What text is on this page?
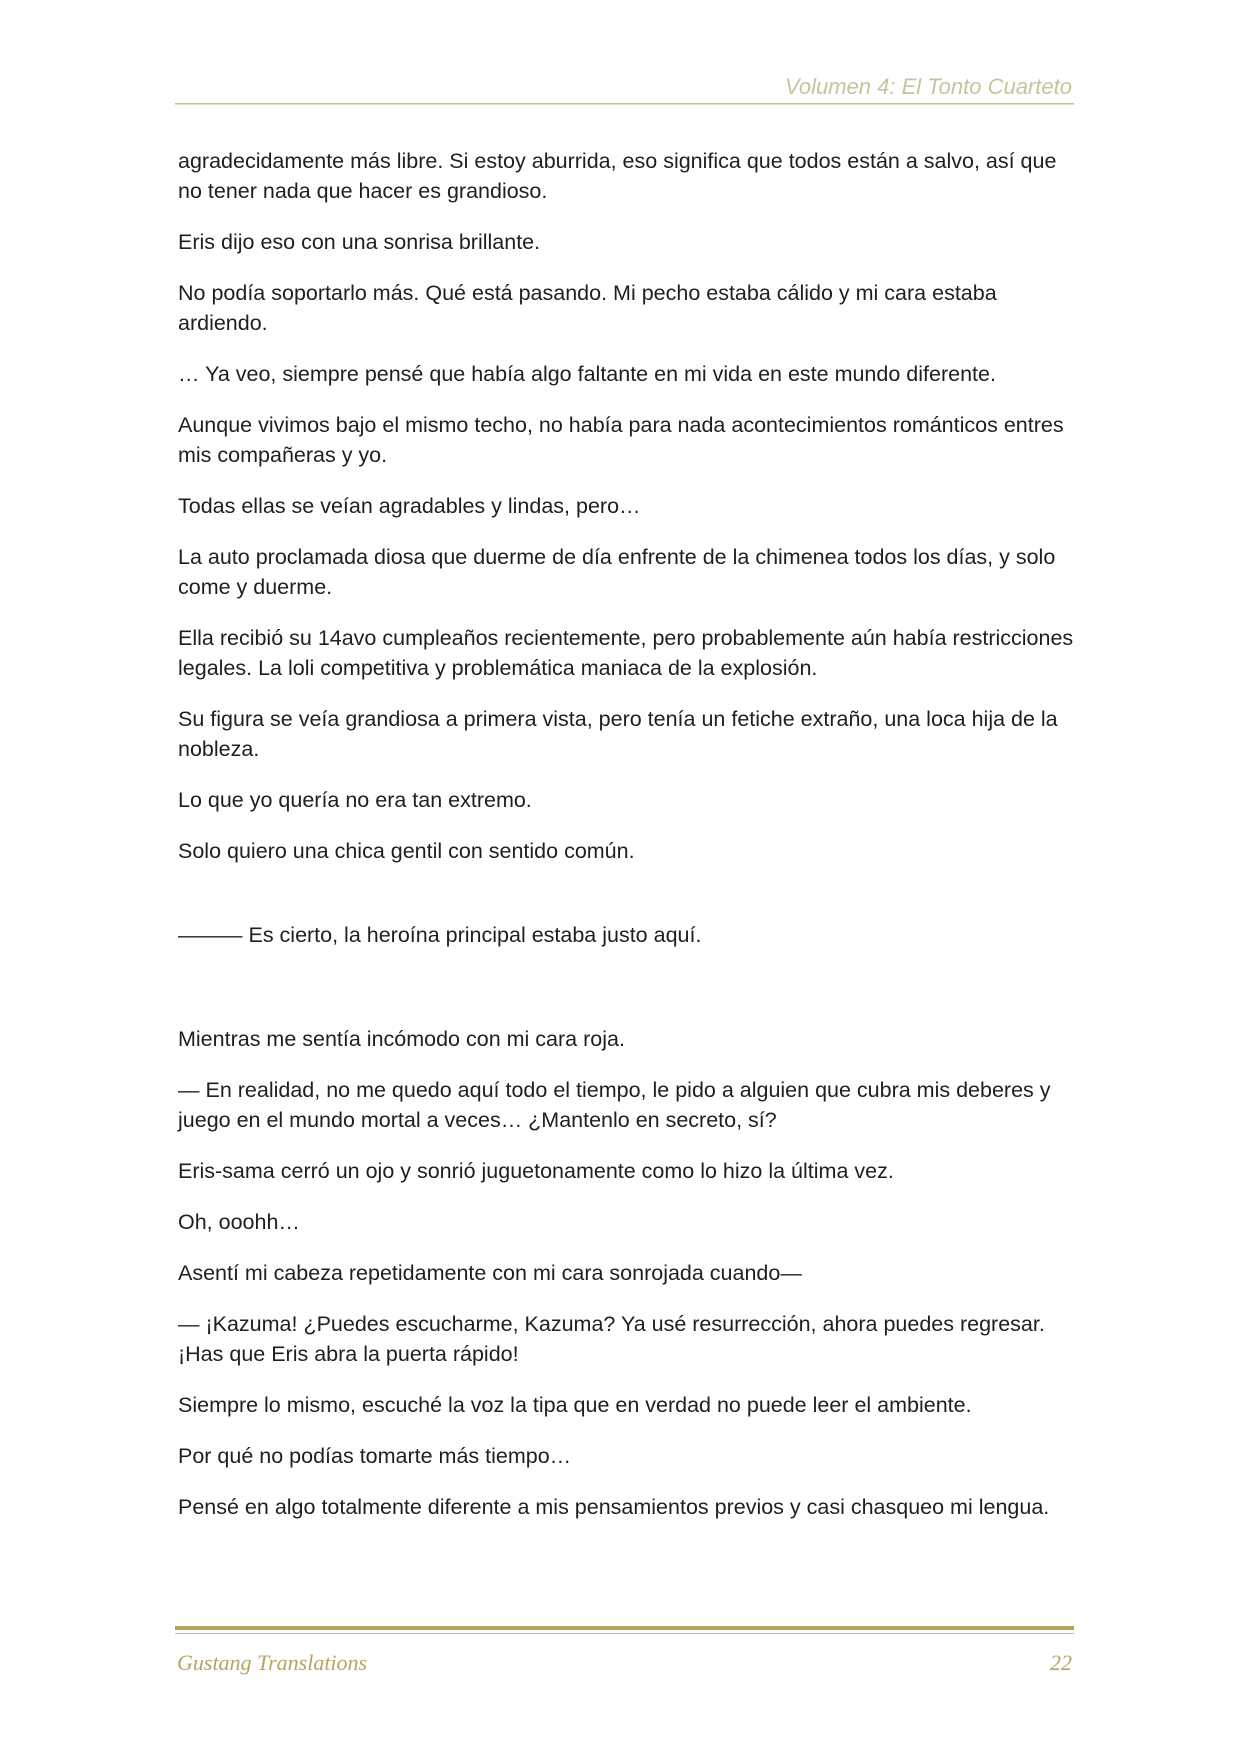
Volumen 4: El Tonto Cuarteto

agradecidamente más libre. Si estoy aburrida, eso significa que todos están a salvo, así que no tener nada que hacer es grandioso.

Eris dijo eso con una sonrisa brillante.

No podía soportarlo más. Qué está pasando. Mi pecho estaba cálido y mi cara estaba ardiendo.

… Ya veo, siempre pensé que había algo faltante en mi vida en este mundo diferente.

Aunque vivimos bajo el mismo techo, no había para nada acontecimientos románticos entres mis compañeras y yo.

Todas ellas se veían agradables y lindas, pero…

La auto proclamada diosa que duerme de día enfrente de la chimenea todos los días, y solo come y duerme.

Ella recibió su 14avo cumpleaños recientemente, pero probablemente aún había restricciones legales. La loli competitiva y problemática maniaca de la explosión.

Su figura se veía grandiosa a primera vista, pero tenía un fetiche extraño, una loca hija de la nobleza.

Lo que yo quería no era tan extremo.

Solo quiero una chica gentil con sentido común.

——— Es cierto, la heroína principal estaba justo aquí.

Mientras me sentía incómodo con mi cara roja.

— En realidad, no me quedo aquí todo el tiempo, le pido a alguien que cubra mis deberes y juego en el mundo mortal a veces… ¿Mantenlo en secreto, sí?

Eris-sama cerró un ojo y sonrió juguetonamente como lo hizo la última vez.

Oh, ooohh…

Asentí mi cabeza repetidamente con mi cara sonrojada cuando—

— ¡Kazuma! ¿Puedes escucharme, Kazuma? Ya usé resurrección, ahora puedes regresar. ¡Has que Eris abra la puerta rápido!

Siempre lo mismo, escuché la voz la tipa que en verdad no puede leer el ambiente.

Por qué no podías tomarte más tiempo…

Pensé en algo totalmente diferente a mis pensamientos previos y casi chasqueo mi lengua.

Gustang Translations	22
